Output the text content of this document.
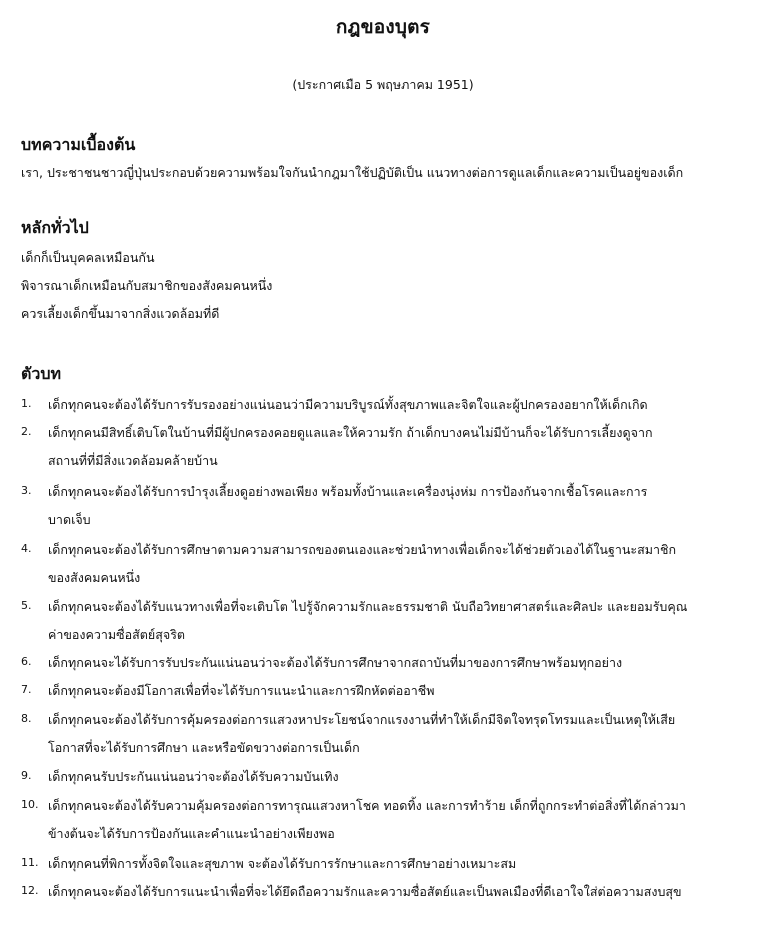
กฎของบุตร
(ประกาศเมือ 5 พฤษภาคม 1951)
บทความเบื้องต้น
เรา, ประชาชนชาวญี่ปุ่นประกอบด้วยความพร้อมใจกันนำกฎมาใช้ปฏิบัติเป็น แนวทางต่อการดูแลเด็กและความเป็นอยู่ของเด็ก
หลักทั่วไป
เด็กก็เป็นบุคคลเหมือนกัน
พิจารณาเด็กเหมือนกับสมาชิกของสังคมคนหนึ่ง
ควรเลี้ยงเด็กขึ้นมาจากสิ่งแวดล้อมที่ดี
ตัวบท
1.	เด็กทุกคนจะต้องได้รับการรับรองอย่างแน่นอนว่ามีความบริบูรณ์ทั้งสุขภาพและจิตใจและผู้ปกครองอยากให้เด็กเกิด
2.	เด็กทุกคนมีสิทธิ์เติบโตในบ้านที่มีผู้ปกครองคอยดูแลและให้ความรัก ถ้าเด็กบางคนไม่มีบ้านก็จะได้รับการเลี้ยงดูจาก
สถานที่ที่มีสิ่งแวดล้อมคล้ายบ้าน
3.	เด็กทุกคนจะต้องได้รับการบำรุงเลี้ยงดูอย่างพอเพียง พร้อมทั้งบ้านและเครื่องนุ่งห่ม การป้องกันจากเชื้อโรคและการ
บาดเจ็บ
4.	เด็กทุกคนจะต้องได้รับการศึกษาตามความสามารถของตนเองและช่วยนำทางเพื่อเด็กจะได้ช่วยตัวเองได้ในฐานะสมาชิก
ของสังคมคนหนึ่ง
5.	เด็กทุกคนจะต้องได้รับแนวทางเพื่อที่จะเติบโต ไปรู้จักความรักและธรรมชาติ นับถือวิทยาศาสตร์และศิลปะ และยอมรับคุณ
ค่าของความซื่อสัตย์สุจริต
6.	เด็กทุกคนจะได้รับการรับประกันแน่นอนว่าจะต้องได้รับการศึกษาจากสถาบันที่มาของการศึกษาพร้อมทุกอย่าง
7.	เด็กทุกคนจะต้องมีโอกาสเพื่อที่จะได้รับการแนะนำและการฝึกหัดต่ออาชีพ
8.	เด็กทุกคนจะต้องได้รับการคุ้มครองต่อการแสวงหาประโยชน์จากแรงงานที่ทำให้เด็กมีจิตใจทรุดโทรมและเป็นเหตุให้เสีย
โอกาสที่จะได้รับการศึกษา และหรือขัดขวางต่อการเป็นเด็ก
9.	เด็กทุกคนรับประกันแน่นอนว่าจะต้องได้รับความบันเทิง
10. เด็กทุกคนจะต้องได้รับความคุ้มครองต่อการทารุณแสวงหาโชค ทอดทิ้ง และการทำร้าย เด็กที่ถูกกระทำต่อสิ่งที่ได้กล่าวมา
ข้างต้นจะได้รับการป้องกันและคำแนะนำอย่างเพียงพอ
11. เด็กทุกคนที่พิการทั้งจิตใจและสุขภาพ จะต้องได้รับการรักษาและการศึกษาอย่างเหมาะสม
12. เด็กทุกคนจะต้องได้รับการแนะนำเพื่อที่จะได้ยึดถือความรักและความซื่อสัตย์และเป็นพลเมืองที่ดีเอาใจใส่ต่อความสงบสุข
